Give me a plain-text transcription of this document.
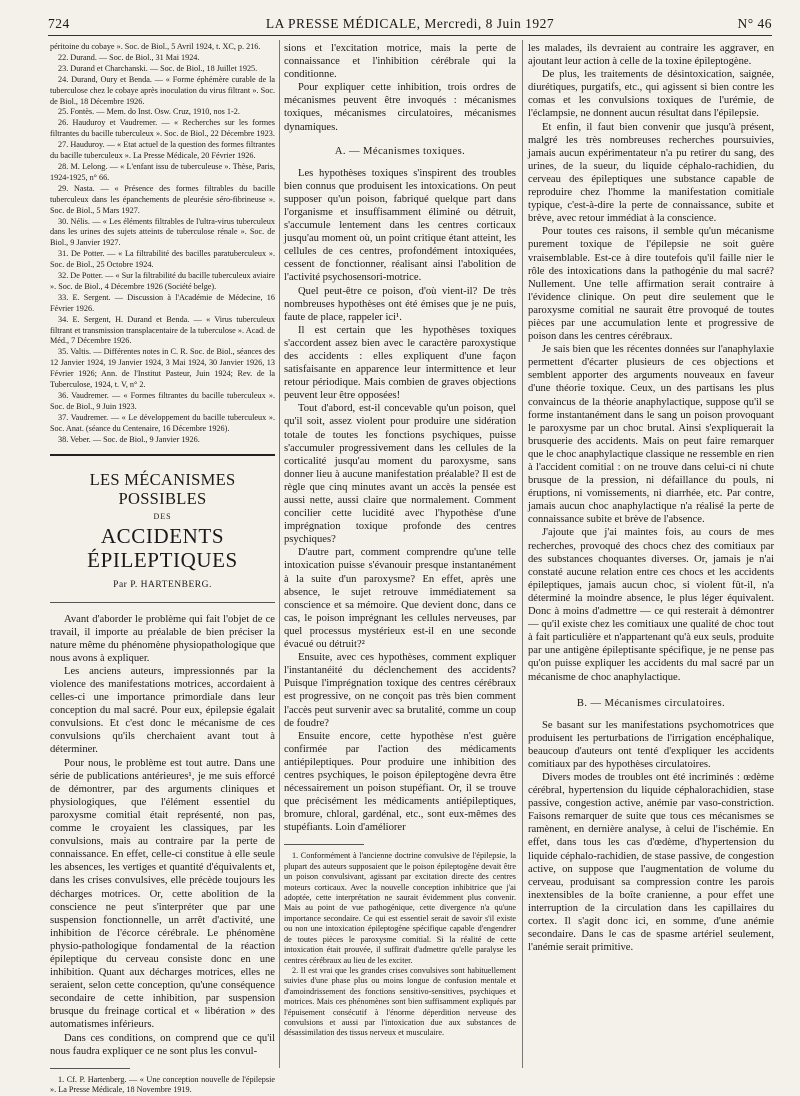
724	LA PRESSE MÉDICALE, Mercredi, 8 Juin 1927	N° 46

péritoine du cobaye ». Soc. de Biol., 5 Avril 1924, t. XC, p. 216.

22. Durand. — Soc. de Biol., 31 Mai 1924.

23. Durand et Charchanski. — Soc. de Biol., 18 Juillet 1925.

24. Durand, Oury et Benda. — « Forme éphémère curable de la tuberculose chez le cobaye après inoculation du virus filtrant ». Soc. de Biol., 18 Décembre 1926.

25. Fontès. — Mem. do Inst. Osw. Cruz, 1910, nos 1-2.

26. Hauduroy et Vaudremer. — « Recherches sur les formes filtrantes du bacille tuberculeux ». Soc. de Biol., 22 Décembre 1923.

27. Hauduroy. — « Etat actuel de la question des formes filtrantes du bacille tuberculeux ». La Presse Médicale, 20 Février 1926.

28. M. Lelong. — « L'enfant issu de tuberculeuse ». Thèse, Paris, 1924-1925, n° 66.

29. Nasta. — « Présence des formes filtrables du bacille tuberculeux dans les épanchements de pleurésie séro-fibrineuse ». Soc. de Biol., 5 Mars 1927.

30. Nélis. — « Les éléments filtrables de l'ultra-virus tuberculeux dans les urines des sujets atteints de tuberculose rénale ». Soc. de Biol., 9 Janvier 1927.

31. De Potter. — « La filtrabilité des bacilles paratuberculeux ». Soc. de Biol., 25 Octobre 1924.

32. De Potter. — « Sur la filtrabilité du bacille tuberculeux aviaire ». Soc. de Biol., 4 Décembre 1926 (Société belge).

33. E. Sergent. — Discussion à l'Académie de Médecine, 16 Février 1926.

34. E. Sergent, H. Durand et Benda. — « Virus tuberculeux filtrant et transmission transplacentaire de la tuberculose ». Acad. de Méd., 7 Décembre 1926.

35. Valtis. — Différentes notes in C. R. Soc. de Biol., séances des 12 Janvier 1924, 19 Janvier 1924, 3 Mai 1924, 30 Janvier 1926, 13 Février 1926; Ann. de l'Institut Pasteur, Juin 1924; Rev. de la Tuberculose, 1924, t. V, n° 2.

36. Vaudremer. — « Formes filtrantes du bacille tuberculeux ». Soc. de Biol., 9 Juin 1923.

37. Vaudremer. — « Le développement du bacille tuberculeux ». Soc. Anat. (séance du Centenaire, 16 Décembre 1926).

38. Veber. — Soc. de Biol., 9 Janvier 1926.

LES MÉCANISMES POSSIBLES
DES
ACCIDENTS ÉPILEPTIQUES
Par P. HARTENBERG.

Avant d'aborder le problème qui fait l'objet de ce travail, il importe au préalable de bien préciser la nature même du phénomène physiopathologique que nous avons à expliquer.

Les anciens auteurs, impressionnés par la violence des manifestations motrices, accordaient à celles-ci une importance primordiale dans leur conception du mal sacré. Pour eux, épilepsie égalait convulsions. Et c'est donc le mécanisme de ces convulsions qu'ils cherchaient avant tout à déterminer.

Pour nous, le problème est tout autre. Dans une série de publications antérieures¹, je me suis efforcé de démontrer, par des arguments cliniques et physiologiques, que l'élément essentiel du paroxysme comitial était représenté, non pas, comme le croyaient les classiques, par les convulsions, mais au contraire par la perte de connaissance. En effet, celle-ci constitue à elle seule les absences, les vertiges et quantité d'équivalents et, dans les crises convulsives, elle précède toujours les décharges motrices. Or, cette abolition de la conscience ne peut s'interpréter que par une suspension fonctionnelle, un arrêt d'activité, une inhibition de l'écorce cérébrale. Le phénomène physio-pathologique fondamental de la réaction épileptique du cerveau consiste donc en une inhibition. Quant aux décharges motrices, elles ne seraient, selon cette conception, qu'une conséquence secondaire de cette inhibition, par suspension brusque du freinage cortical et « libération » des automatismes inférieurs.

Dans ces conditions, on comprend que ce qu'il nous faudra expliquer ce ne sont plus les convul-

1. Cf. P. Hartenberg. — « Une conception nouvelle de l'épilepsie ». La Presse Médicale, 18 Novembre 1919.

sions et l'excitation motrice, mais la perte de connaissance et l'inhibition cérébrale qui la conditionne.

Pour expliquer cette inhibition, trois ordres de mécanismes peuvent être invoqués : mécanismes toxiques, mécanismes circulatoires, mécanismes dynamiques.

A. — Mécanismes toxiques.

Les hypothèses toxiques s'inspirent des troubles bien connus que produisent les intoxications. On peut supposer qu'un poison, fabriqué quelque part dans l'organisme et insuffisamment éliminé ou détruit, s'accumule lentement dans les centres corticaux jusqu'au moment où, un point critique étant atteint, les cellules de ces centres, profondément intoxiquées, cessent de fonctionner, réalisant ainsi l'abolition de l'activité psychosensori-motrice.

Quel peut-être ce poison, d'où vient-il? De très nombreuses hypothèses ont été émises que je ne puis, faute de place, rappeler ici¹.

Il est certain que les hypothèses toxiques s'accordent assez bien avec le caractère paroxystique des accidents : elles expliquent d'une façon satisfaisante en apparence leur intermittence et leur retour périodique. Mais combien de graves objections peuvent leur être opposées!

Tout d'abord, est-il concevable qu'un poison, quel qu'il soit, assez violent pour produire une sidération totale de toutes les fonctions psychiques, puisse s'accumuler progressivement dans les cellules de la corticalité jusqu'au moment du paroxysme, sans donner lieu à aucune manifestation préalable? Il est de règle que cinq minutes avant un accès la pensée est aussi nette, aussi claire que normalement. Comment concilier cette lucidité avec l'hypothèse d'une imprégnation toxique profonde des centres psychiques?

D'autre part, comment comprendre qu'une telle intoxication puisse s'évanouir presque instantanément à la suite d'un paroxysme? En effet, après une absence, le sujet retrouve immédiatement sa conscience et sa mémoire. Que devient donc, dans ce cas, le poison imprégnant les cellules nerveuses, par quel processus mystérieux est-il en une seconde évacué ou détruit?²

Ensuite, avec ces hypothèses, comment expliquer l'instantanéité du déclenchement des accidents? Puisque l'imprégnation toxique des centres cérébraux est progressive, on ne conçoit pas très bien comment l'accès peut survenir avec sa brutalité, comme un coup de foudre?

Ensuite encore, cette hypothèse n'est guère confirmée par l'action des médicaments antiépileptiques. Pour produire une inhibition des centres psychiques, le poison épileptogène devra être nécessairement un poison stupéfiant. Or, il se trouve que précisément les médicaments antiépileptiques, bromure, chloral, gardénal, etc., sont eux-mêmes des stupéfiants. Loin d'améliorer

1. Conformément à l'ancienne doctrine convulsive de l'épilepsie, la plupart des auteurs supposaient que le poison épileptogène devait être un poison convulsivant, agissant par excitation directe des centres moteurs corticaux. Avec la nouvelle conception inhibitrice que j'ai adoptée, cette interprétation ne saurait évidemment plus convenir. Mais au point de vue pathogénique, cette divergence n'a qu'une importance secondaire. Ce qui est essentiel serait de savoir s'il existe ou non une intoxication épileptogène spécifique capable d'engendrer de toutes pièces le paroxysme comitial. Si la réalité de cette intoxication était prouvée, il suffirait d'admettre qu'elle paralyse les centres cérébraux au lieu de les exciter.

2. Il est vrai que les grandes crises convulsives sont habituellement suivies d'une phase plus ou moins longue de confusion mentale et d'amoindrissement des fonctions sensitivo-sensitives, psychiques et motrices. Mais ces phénomènes sont bien suffisamment expliqués par l'épuisement consécutif à l'énorme déperdition nerveuse des convulsions et aussi par l'intoxication due aux substances de désassimilation des tissus nerveux et musculaire.

les malades, ils devraient au contraire les aggraver, en ajoutant leur action à celle de la toxine épileptogène.

De plus, les traitements de désintoxication, saignée, diurétiques, purgatifs, etc., qui agissent si bien contre les comas et les convulsions toxiques de l'urémie, de l'éclampsie, ne donnent aucun résultat dans l'épilepsie.

Et enfin, il faut bien convenir que jusqu'à présent, malgré les très nombreuses recherches poursuivies, jamais aucun expérimentateur n'a pu retirer du sang, des urines, de la sueur, du liquide céphalo-rachidien, du cerveau des épileptiques une substance capable de reproduire chez l'homme la manifestation comitiale typique, c'est-à-dire la perte de connaissance, subite et brève, avec retour immédiat à la conscience.

Pour toutes ces raisons, il semble qu'un mécanisme purement toxique de l'épilepsie ne soit guère vraisemblable. Est-ce à dire toutefois qu'il faille nier le rôle des intoxications dans la pathogénie du mal sacré? Nullement. Une telle affirmation serait contraire à l'évidence clinique. On peut dire seulement que le paroxysme comitial ne saurait être provoqué de toutes pièces par une accumulation lente et progressive de poison dans les centres cérébraux.

Je sais bien que les récentes données sur l'anaphylaxie permettent d'écarter plusieurs de ces objections et semblent apporter des arguments nouveaux en faveur d'une théorie toxique. Ceux, un des partisans les plus convaincus de la théorie anaphylactique, suppose qu'il se forme instantanément dans le sang un poison provoquant le paroxysme par un choc brutal. Ainsi s'expliquerait la brusquerie des accidents. Mais on peut faire remarquer que le choc anaphylactique classique ne ressemble en rien à l'accident comitial : on ne trouve dans celui-ci ni chute brusque de la pression, ni défaillance du pouls, ni éruptions, ni vomissements, ni diarrhée, etc. Par contre, jamais aucun choc anaphylactique n'a réalisé la perte de connaissance subite et brève de l'absence.

J'ajoute que j'ai maintes fois, au cours de mes recherches, provoqué des chocs chez des comitiaux par des substances choquantes diverses. Or, jamais je n'ai constaté aucune relation entre ces chocs et les accidents épileptiques, jamais aucun choc, si violent fût-il, n'a déterminé la moindre absence, le plus léger équivalent. Donc à moins d'admettre — ce qui resterait à démontrer — qu'il existe chez les comitiaux une qualité de choc tout à fait particulière et n'appartenant qu'à eux seuls, produite par une antigène épileptisante spécifique, je ne pense pas qu'on puisse expliquer les accidents du mal sacré par un mécanisme de choc anaphylactique.

B. — Mécanismes circulatoires.

Se basant sur les manifestations psychomotrices que produisent les perturbations de l'irrigation encéphalique, beaucoup d'auteurs ont tenté d'expliquer les accidents comitiaux par des hypothèses circulatoires.

Divers modes de troubles ont été incriminés : œdème cérébral, hypertension du liquide céphalorachidien, stase passive, congestion active, anémie par vaso-constriction. Faisons remarquer de suite que tous ces mécanismes se ramènent, en dernière analyse, à celui de l'ischémie. En effet, dans tous les cas d'œdème, d'hypertension du liquide céphalo-rachidien, de stase passive, de congestion active, on suppose que l'augmentation de volume du cerveau, produisant sa compression contre les parois inextensibles de la boîte cranienne, a pour effet une interruption de la circulation dans les capillaires du cortex. Il s'agit donc ici, en somme, d'une anémie secondaire. Dans le cas de spasme artériel seulement, l'anémie serait primitive.
